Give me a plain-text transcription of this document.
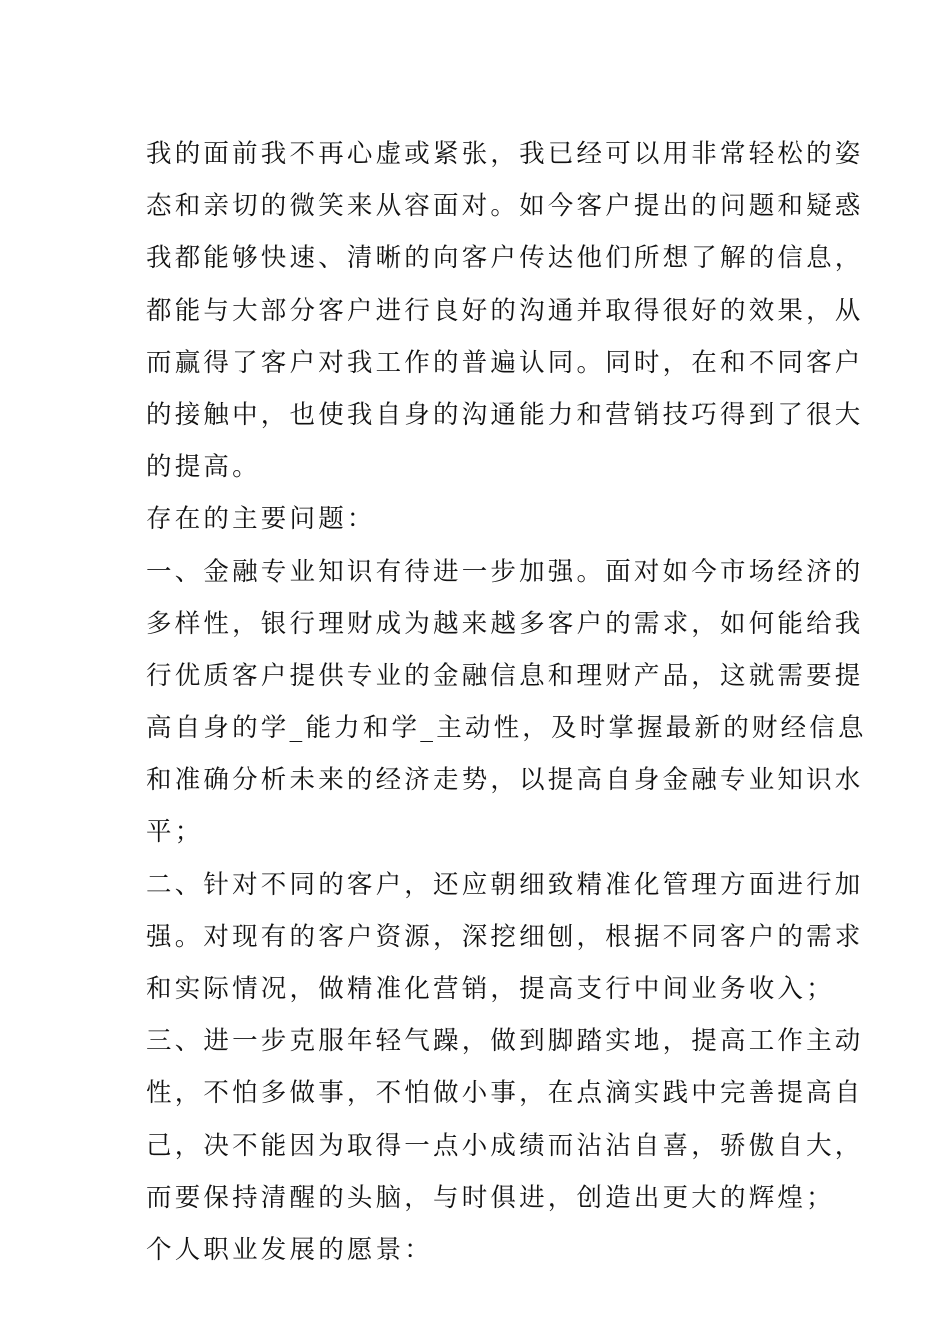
我的面前我不再心虚或紧张，我已经可以用非常轻松的姿
态和亲切的微笑来从容面对。如今客户提出的问题和疑惑
我都能够快速、清晰的向客户传达他们所想了解的信息，
都能与大部分客户进行良好的沟通并取得很好的效果，从
而赢得了客户对我工作的普遍认同。同时，在和不同客户
的接触中，也使我自身的沟通能力和营销技巧得到了很大
的提高。
存在的主要问题：
一、金融专业知识有待进一步加强。面对如今市场经济的
多样性，银行理财成为越来越多客户的需求，如何能给我
行优质客户提供专业的金融信息和理财产品，这就需要提
高自身的学_能力和学_主动性，及时掌握最新的财经信息
和准确分析未来的经济走势，以提高自身金融专业知识水
平；
二、针对不同的客户，还应朝细致精准化管理方面进行加
强。对现有的客户资源，深挖细刨，根据不同客户的需求
和实际情况，做精准化营销，提高支行中间业务收入；
三、进一步克服年轻气躁，做到脚踏实地，提高工作主动
性，不怕多做事，不怕做小事，在点滴实践中完善提高自
己，决不能因为取得一点小成绩而沾沾自喜，骄傲自大，
而要保持清醒的头脑，与时俱进，创造出更大的辉煌；
个人职业发展的愿景：
